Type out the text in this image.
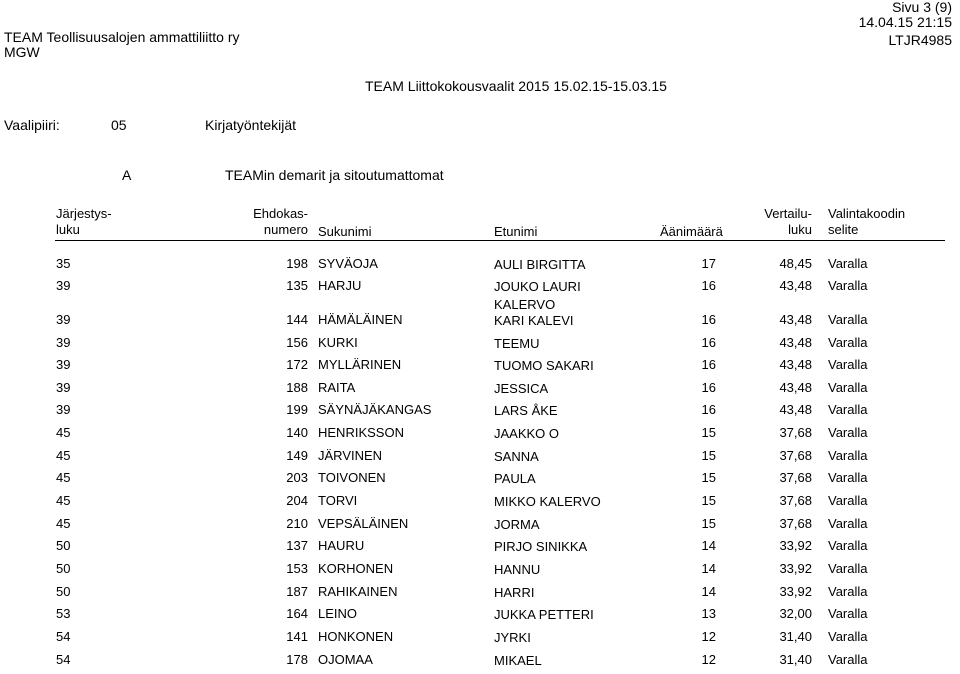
TEAM Teollisuusalojen ammattiliitto ry
MGW
Sivu 3 (9)
14.04.15 21:15
LTJR4985
TEAM Liittokokousvaalit 2015 15.02.15-15.03.15
Vaalipiiri:	05	Kirjatyöntekijät
A	TEAMin demarit ja sitoutumattomat
Järjestys-
luku
Ehdokas-
numero Sukunimi	Etunimi	Äänimäärä
Vertailu-
luku
Valintakoodin
selite
35	198 SYVÄOJA	AULI BIRGITTA	17	48,45 Varalla
39	135 HARJU	JOUKO LAURI
KALERVO
16	43,48 Varalla
39	144 HÄMÄLÄINEN	KARI KALEVI	16	43,48 Varalla
39	156 KURKI	TEEMU	16	43,48 Varalla
39	172 MYLLÄRINEN	TUOMO SAKARI	16	43,48 Varalla
39	188 RAITA	JESSICA	16	43,48 Varalla
39	199 SÄYNÄJÄKANGAS	LARS ÅKE	16	43,48 Varalla
45	140 HENRIKSSON	JAAKKO O	15	37,68 Varalla
45	149 JÄRVINEN	SANNA	15	37,68 Varalla
45	203 TOIVONEN	PAULA	15	37,68 Varalla
45	204 TORVI	MIKKO KALERVO	15	37,68 Varalla
45	210 VEPSÄLÄINEN	JORMA	15	37,68 Varalla
50	137 HAURU	PIRJO SINIKKA	14	33,92 Varalla
50	153 KORHONEN	HANNU	14	33,92 Varalla
50	187 RAHIKAINEN	HARRI	14	33,92 Varalla
53	164 LEINO	JUKKA PETTERI	13	32,00 Varalla
54	141 HONKONEN	JYRKI	12	31,40 Varalla
54	178 OJOMAA	MIKAEL	12	31,40 Varalla
